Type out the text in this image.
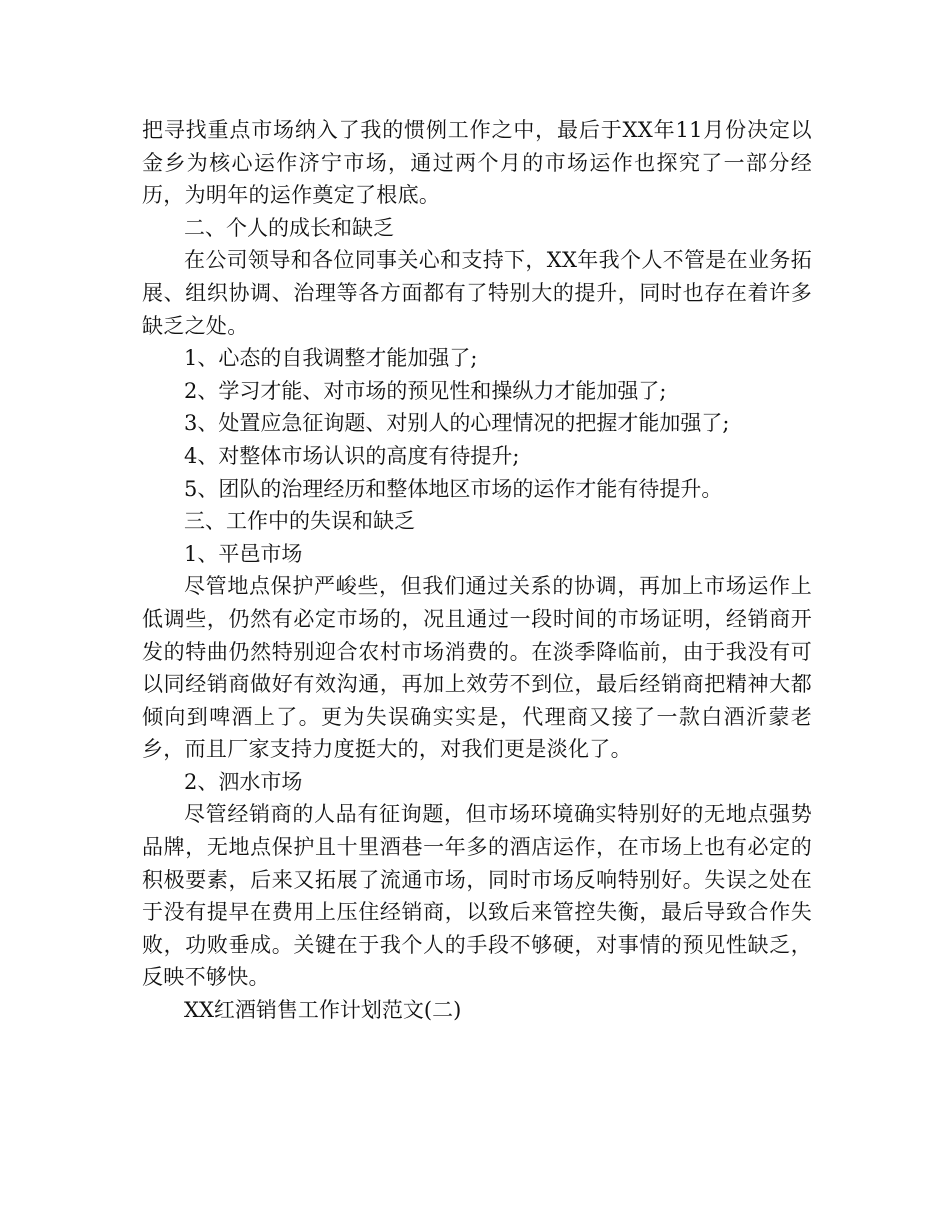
把寻找重点市场纳入了我的惯例工作之中，最后于XX年11月份决定以金乡为核心运作济宁市场，通过两个月的市场运作也探究了一部分经历，为明年的运作奠定了根底。

二、个人的成长和缺乏

在公司领导和各位同事关心和支持下，XX年我个人不管是在业务拓展、组织协调、治理等各方面都有了特别大的提升，同时也存在着许多缺乏之处。

1、心态的自我调整才能加强了;

2、学习才能、对市场的预见性和操纵力才能加强了;

3、处置应急征询题、对别人的心理情况的把握才能加强了;

4、对整体市场认识的高度有待提升;

5、团队的治理经历和整体地区市场的运作才能有待提升。

三、工作中的失误和缺乏

1、平邑市场

尽管地点保护严峻些，但我们通过关系的协调，再加上市场运作上低调些，仍然有必定市场的，况且通过一段时间的市场证明，经销商开发的特曲仍然特别迎合农村市场消费的。在淡季降临前，由于我没有可以同经销商做好有效沟通，再加上效劳不到位，最后经销商把精神大都倾向到啤酒上了。更为失误确实实是，代理商又接了一款白酒沂蒙老乡，而且厂家支持力度挺大的，对我们更是淡化了。

2、泗水市场

尽管经销商的人品有征询题，但市场环境确实特别好的无地点强势品牌，无地点保护且十里酒巷一年多的酒店运作，在市场上也有必定的积极要素，后来又拓展了流通市场，同时市场反响特别好。失误之处在于没有提早在费用上压住经销商，以致后来管控失衡，最后导致合作失败，功败垂成。关键在于我个人的手段不够硬，对事情的预见性缺乏，反映不够快。

XX红酒销售工作计划范文(二)
